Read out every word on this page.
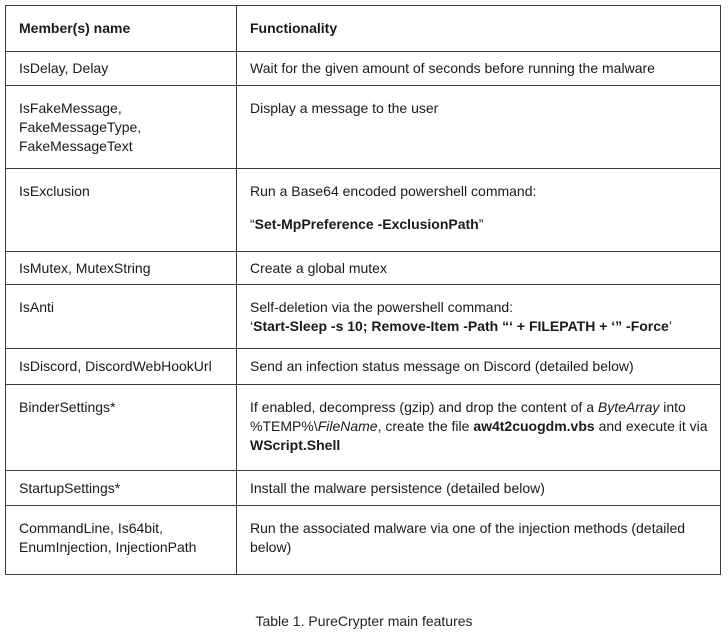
Member(s) name	Functionality
IsDelay, Delay	Wait for the given amount of seconds before running the malware

IsFakeMessage,
FakeMessageType,
FakeMessageText	Display a message to the user
IsExclusion	Run a Base64 encoded powershell command:
“Set-MpPreference -ExclusionPath”

IsMutex, MutexString	Create a global mutex
IsAnti	Self-deletion via the powershell command:
‘Start-Sleep -s 10; Remove-Item -Path “‘ + FILEPATH + ‘” -Force’

IsDiscord, DiscordWebHookUrl	Send an infection status message on Discord (detailed below)
BinderSettings*	If enabled, decompress (gzip) and drop the content of a ByteArray into
%TEMP%\FileName, create the file aw4t2cuogdm.vbs and execute it via
WScript.Shell

StartupSettings*	Install the malware persistence (detailed below)

CommandLine, Is64bit,
EnumInjection, InjectionPath	Run the associated malware via one of the injection methods (detailed
below)
Table 1. PureCrypter main features
